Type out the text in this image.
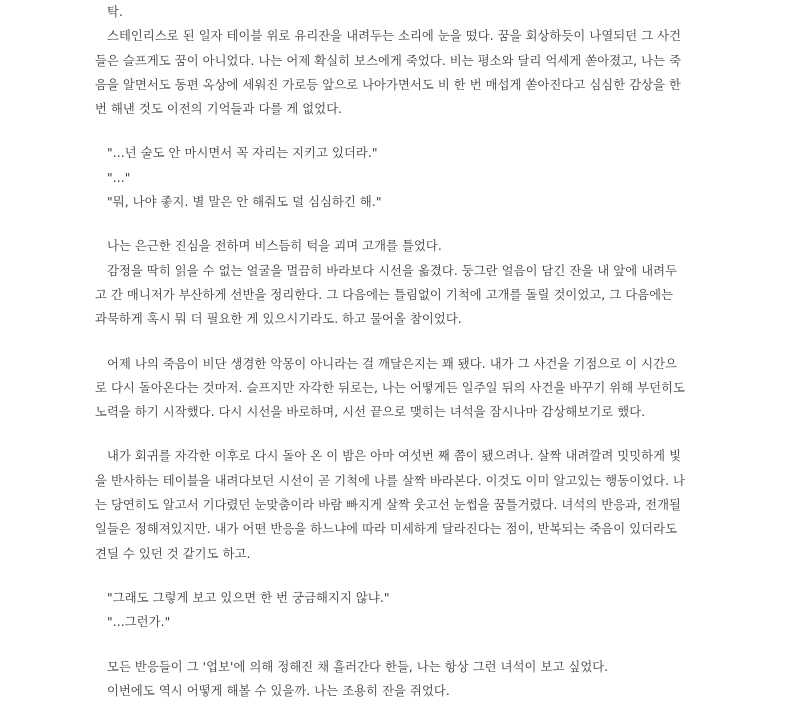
탁.
스테인리스로 된 일자 테이블 위로 유리잔을 내려두는 소리에 눈을 떴다. 꿈을 회상하듯이 나열되던 그 사건
들은 슬프게도 꿈이 아니었다. 나는 어제 확실히 보스에게 죽었다. 비는 평소와 달리 억세게 쏟아졌고, 나는 죽
음을 알면서도 동편 옥상에 세워진 가로등 앞으로 나아가면서도 비 한 번 매섭게 쏟아진다고 심심한 감상을 한
번 해낸 것도 이전의 기억들과 다를 게 없었다.
"...넌 술도 안 마시면서 꼭 자리는 지키고 있더라."
"..."
"뭐, 나야 좋지. 별 말은 안 해줘도 덜 심심하긴 해."
나는 은근한 진심을 전하며 비스듬히 턱을 괴며 고개를 틀었다.
감정을 딱히 읽을 수 없는 얼굴을 멀끔히 바라보다 시선을 옮겼다. 둥그란 얼음이 담긴 잔을 내 앞에 내려두
고 간 매니저가 부산하게 선반을 정리한다. 그 다음에는 틀림없이 기척에 고개를 돌릴 것이었고, 그 다음에는
과묵하게 혹시 뭐 더 필요한 게 있으시기라도. 하고 물어올 참이었다.
어제 나의 죽음이 비단 생경한 악몽이 아니라는 걸 깨달은지는 꽤 됐다. 내가 그 사건을 기점으로 이 시간으
로 다시 돌아온다는 것마저. 슬프지만 자각한 뒤로는, 나는 어떻게든 일주일 뒤의 사건을 바꾸기 위해 부던히도
노력을 하기 시작했다. 다시 시선을 바로하며, 시선 끝으로 맺히는 녀석을 잠시나마 감상해보기로 했다.
내가 회귀를 자각한 이후로 다시 돌아 온 이 밤은 아마 여섯번 째 쯤이 됐으려나. 살짝 내려깔려 밋밋하게 빛
을 반사하는 테이블을 내려다보던 시선이 곧 기척에 나를 살짝 바라본다. 이것도 이미 알고있는 행동이었다. 나
는 당연히도 알고서 기다렸던 눈맞춤이라 바람 빠지게 살짝 웃고선 눈썹을 꿈틀거렸다. 녀석의 반응과, 전개될
일들은 정해져있지만. 내가 어떤 반응을 하느냐에 따라 미세하게 달라진다는 점이, 반복되는 죽음이 있더라도
견딜 수 있던 것 같기도 하고.
"그래도 그렇게 보고 있으면 한 번 궁금해지지 않냐."
"...그런가."
모든 반응들이 그 '업보'에 의해 정해진 채 흘러간다 한들, 나는 항상 그런 녀석이 보고 싶었다.
이번에도 역시 어떻게 해볼 수 있을까. 나는 조용히 잔을 쥐었다.
